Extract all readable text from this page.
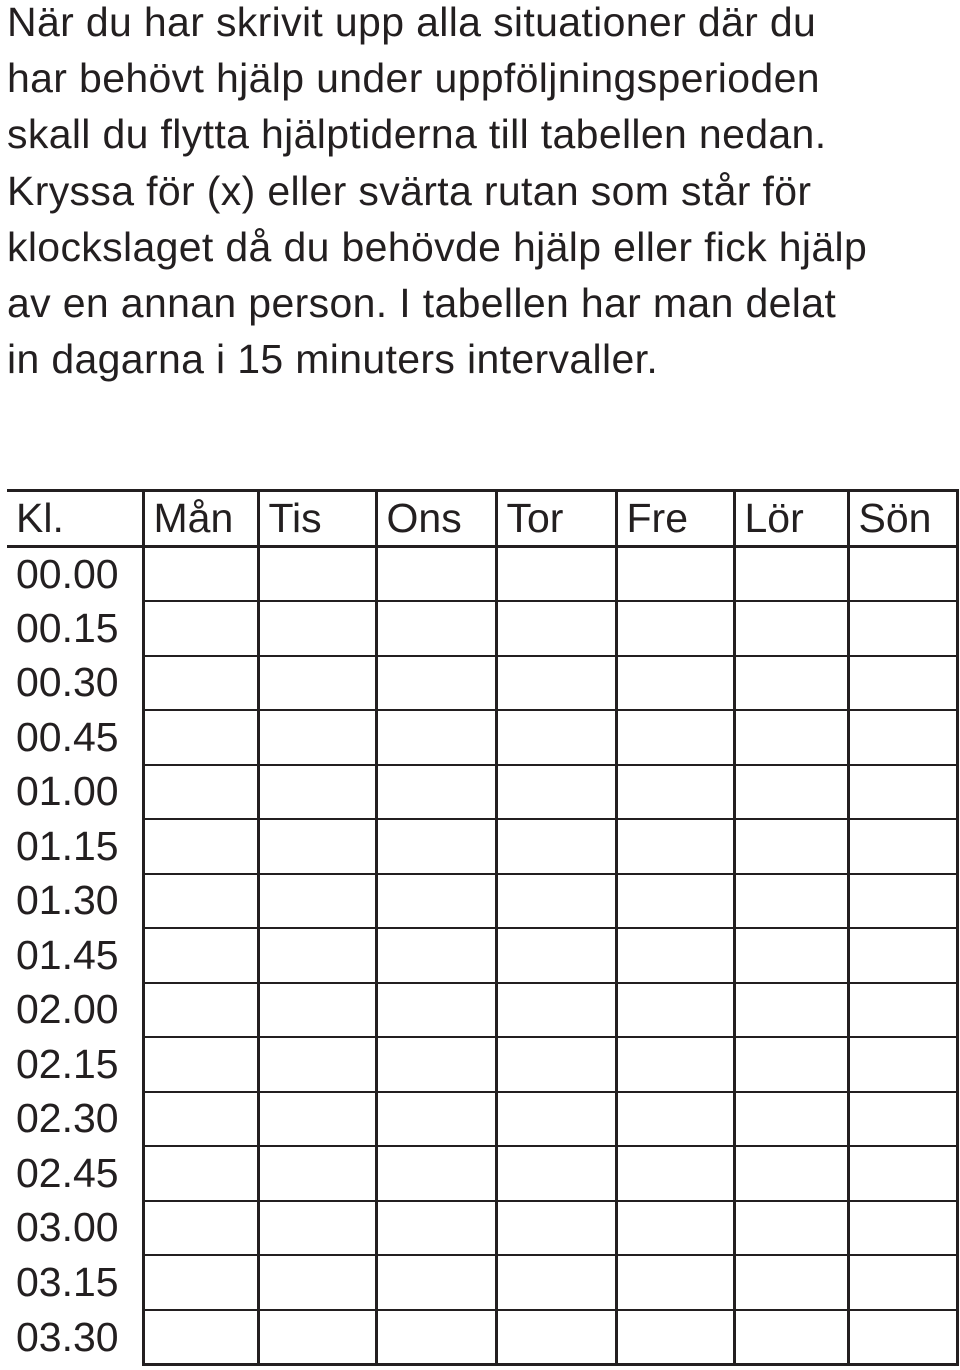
När du har skrivit upp alla situationer där du
har behövt hjälp under uppföljningsperioden
skall du flytta hjälptiderna till tabellen nedan.
Kryssa för (x) eller svärta rutan som står för
klockslaget då du behövde hjälp eller fick hjälp
av en annan person. I tabellen har man delat
in dagarna i 15 minuters intervaller.
Kl.	Mån	Tis	Ons	Tor	Fre	Lör	Sön
00.00							
00.15							
00.30							
00.45							
01.00							
01.15							
01.30							
01.45							
02.00							
02.15							
02.30							
02.45							
03.00							
03.15							
03.30							
